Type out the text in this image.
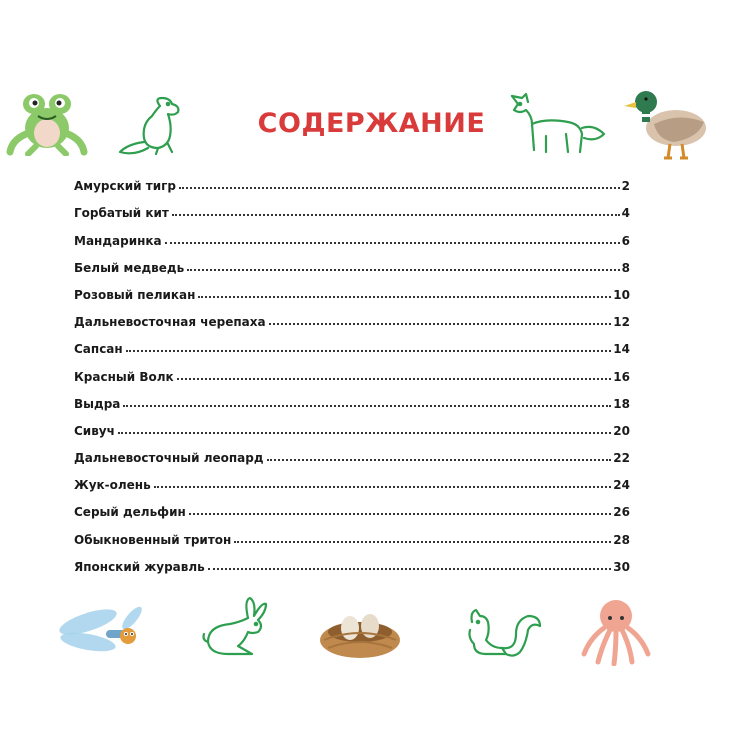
СОДЕРЖАНИЕ
Амурский тигр	2
Горбатый кит	4
Мандаринка	6
Белый медведь	8
Розовый пеликан	10
Дальневосточная черепаха	12
Сапсан	14
Красный Волк	16
Выдра	18
Сивуч	20
Дальневосточный леопард	22
Жук-олень	24
Серый дельфин	26
Обыкновенный тритон	28
Японский журавль	30
